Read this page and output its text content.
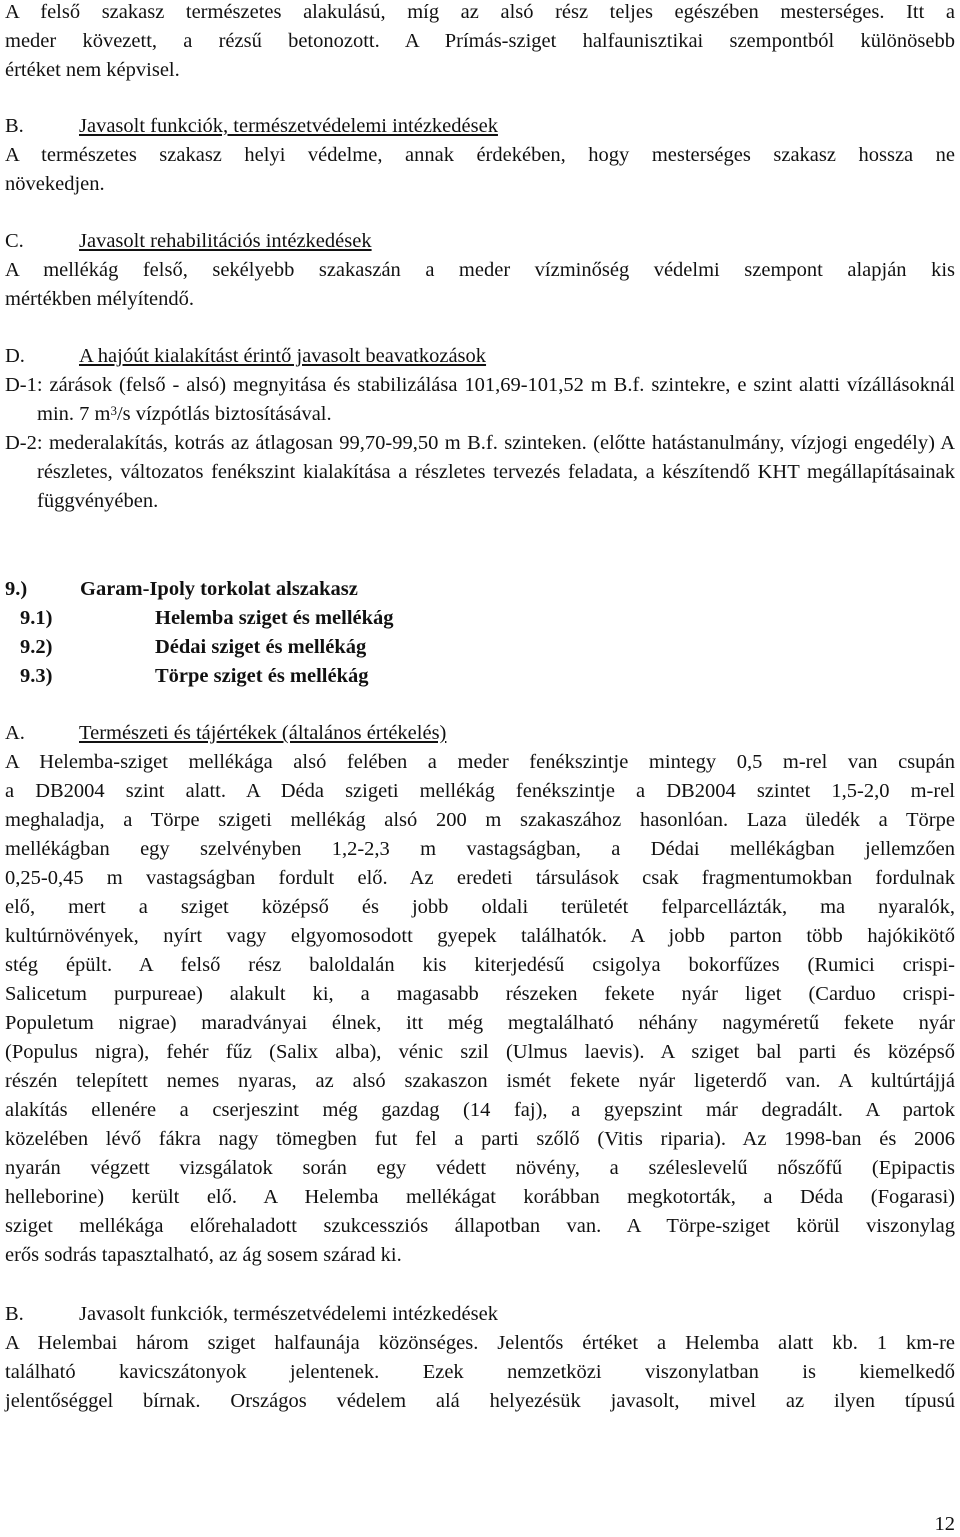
A felső szakasz természetes alakulású, míg az alsó rész teljes egészében mesterséges. Itt a

meder kövezett, a rézsű betonozott. A Prímás-sziget halfaunisztikai szempontból különösebb

értéket nem képvisel.

B.	Javasolt funkciók, természetvédelemi intézkedések

A természetes szakasz helyi védelme, annak érdekében, hogy mesterséges szakasz hossza ne

növekedjen.

C.	Javasolt rehabilitációs intézkedések

A mellékág felső, sekélyebb szakaszán a meder vízminőség védelmi szempont alapján kis

mértékben mélyítendő.

D.	A hajóút kialakítást érintő javasolt beavatkozások
D-1: zárások (felső - alsó) megnyitása és stabilizálása 101,69-101,52 m B.f. szintekre, e szint alatti vízállásoknál min. 7 $m^3/s$ vízpótlás biztosításával.
D-2: mederalakítás, kotrás az átlagosan 99,70-99,50 m B.f. szinteken. (előtte hatástanulmány, vízjogi engedély) A részletes, változatos fenékszint kialakítása a részletes tervezés feladata, a készítendő KHT megállapításainak függvényében.
9.)	Garam-Ipoly torkolat alszakasz
9.1)	Helemba sziget és mellékág
9.2)	Dédai sziget és mellékág
9.3)	Törpe sziget és mellékág
A.	Természeti és tájértékek (általános értékelés)

A Helemba-sziget mellékága alsó felében a meder fenékszintje mintegy 0,5 m-rel van csupán

a DB2004 szint alatt. A Déda szigeti mellékág fenékszintje a DB2004 szintet 1,5-2,0 m-rel

meghaladja, a Törpe szigeti mellékág alsó 200 m szakaszához hasonlóan. Laza üledék a Törpe

mellékágban egy szelvényben 1,2-2,3 m vastagságban, a Dédai mellékágban jellemzően

0,25-0,45 m vastagságban fordult elő. Az eredeti társulások csak fragmentumokban fordulnak

elő, mert a sziget középső és jobb oldali területét felparcellázták, ma nyaralók,

kultúrnövények, nyírt vagy elgyomosodott gyepek találhatók. A jobb parton több hajókikötő

stég épült. A felső rész baloldalán kis kiterjedésű csigolya bokorfűzes (Rumici crispi-

Salicetum purpureae) alakult ki, a magasabb részeken fekete nyár liget (Carduo crispi-

Populetum nigrae) maradványai élnek, itt még megtalálható néhány nagyméretű fekete nyár

(Populus nigra), fehér fűz (Salix alba), vénic szil (Ulmus laevis). A sziget bal parti és középső

részén telepített nemes nyaras, az alsó szakaszon ismét fekete nyár ligeterdő van. A kultúrtájjá

alakítás ellenére a cserjeszint még gazdag (14 faj), a gyepszint már degradált. A partok

közelében lévő fákra nagy tömegben fut fel a parti szőlő (Vitis riparia). Az 1998-ban és 2006

nyarán végzett vizsgálatok során egy védett növény, a széleslevelű nőszőfű (Epipactis

helleborine) került elő. A Helemba mellékágat korábban megkotorták, a Déda (Fogarasi)

sziget mellékága előrehaladott szukcessziós állapotban van. A Törpe-sziget körül viszonylag

erős sodrás tapasztalható, az ág sosem szárad ki.

B.	Javasolt funkciók, természetvédelemi intézkedések

A Helembai három sziget halfaunája közönséges. Jelentős értéket a Helemba alatt kb. 1 km-re

található kavicszátonyok jelentenek. Ezek nemzetközi viszonylatban is kiemelkedő

jelentőséggel bírnak. Országos védelem alá helyezésük javasolt, mivel az ilyen típusú

12
